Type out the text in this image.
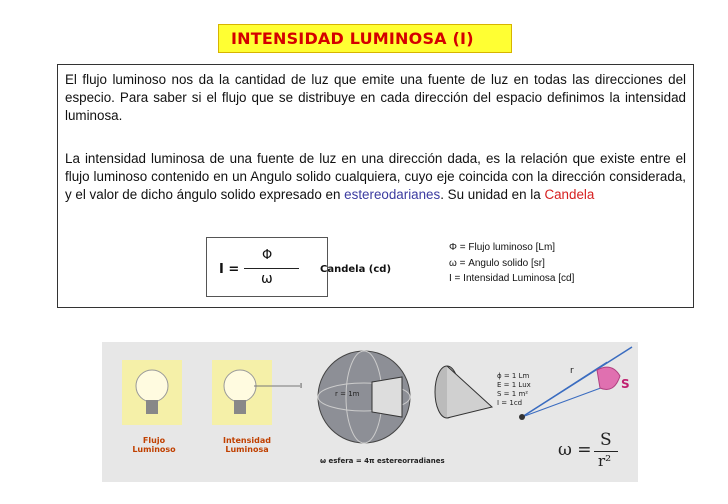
INTENSIDAD LUMINOSA (I)
El flujo luminoso nos da la cantidad de luz que emite una fuente de luz en todas las direcciones del especio. Para saber si el flujo que se distribuye en cada dirección del espacio definimos la intensidad luminosa.
La intensidad luminosa de una fuente de luz en una dirección dada, es la relación que existe entre el flujo luminoso contenido en un Angulo solido cualquiera, cuyo eje coincida con la dirección considerada, y el valor de dicho ángulo solido expresado en estereodarianes. Su unidad en la Candela
I =
Φ
ω
Candela (cd)
Φ = Flujo luminoso [Lm]
ω = Angulo solido [sr]
I = Intensidad Luminosa [cd]
Flujo
Luminoso
Intensidad
Luminosa
I
r = 1m
ω esfera = 4π estereorradianes
ϕ = 1 Lm
E = 1 Lux
S = 1 m²
I = 1cd
S
r
ω = S
r²
